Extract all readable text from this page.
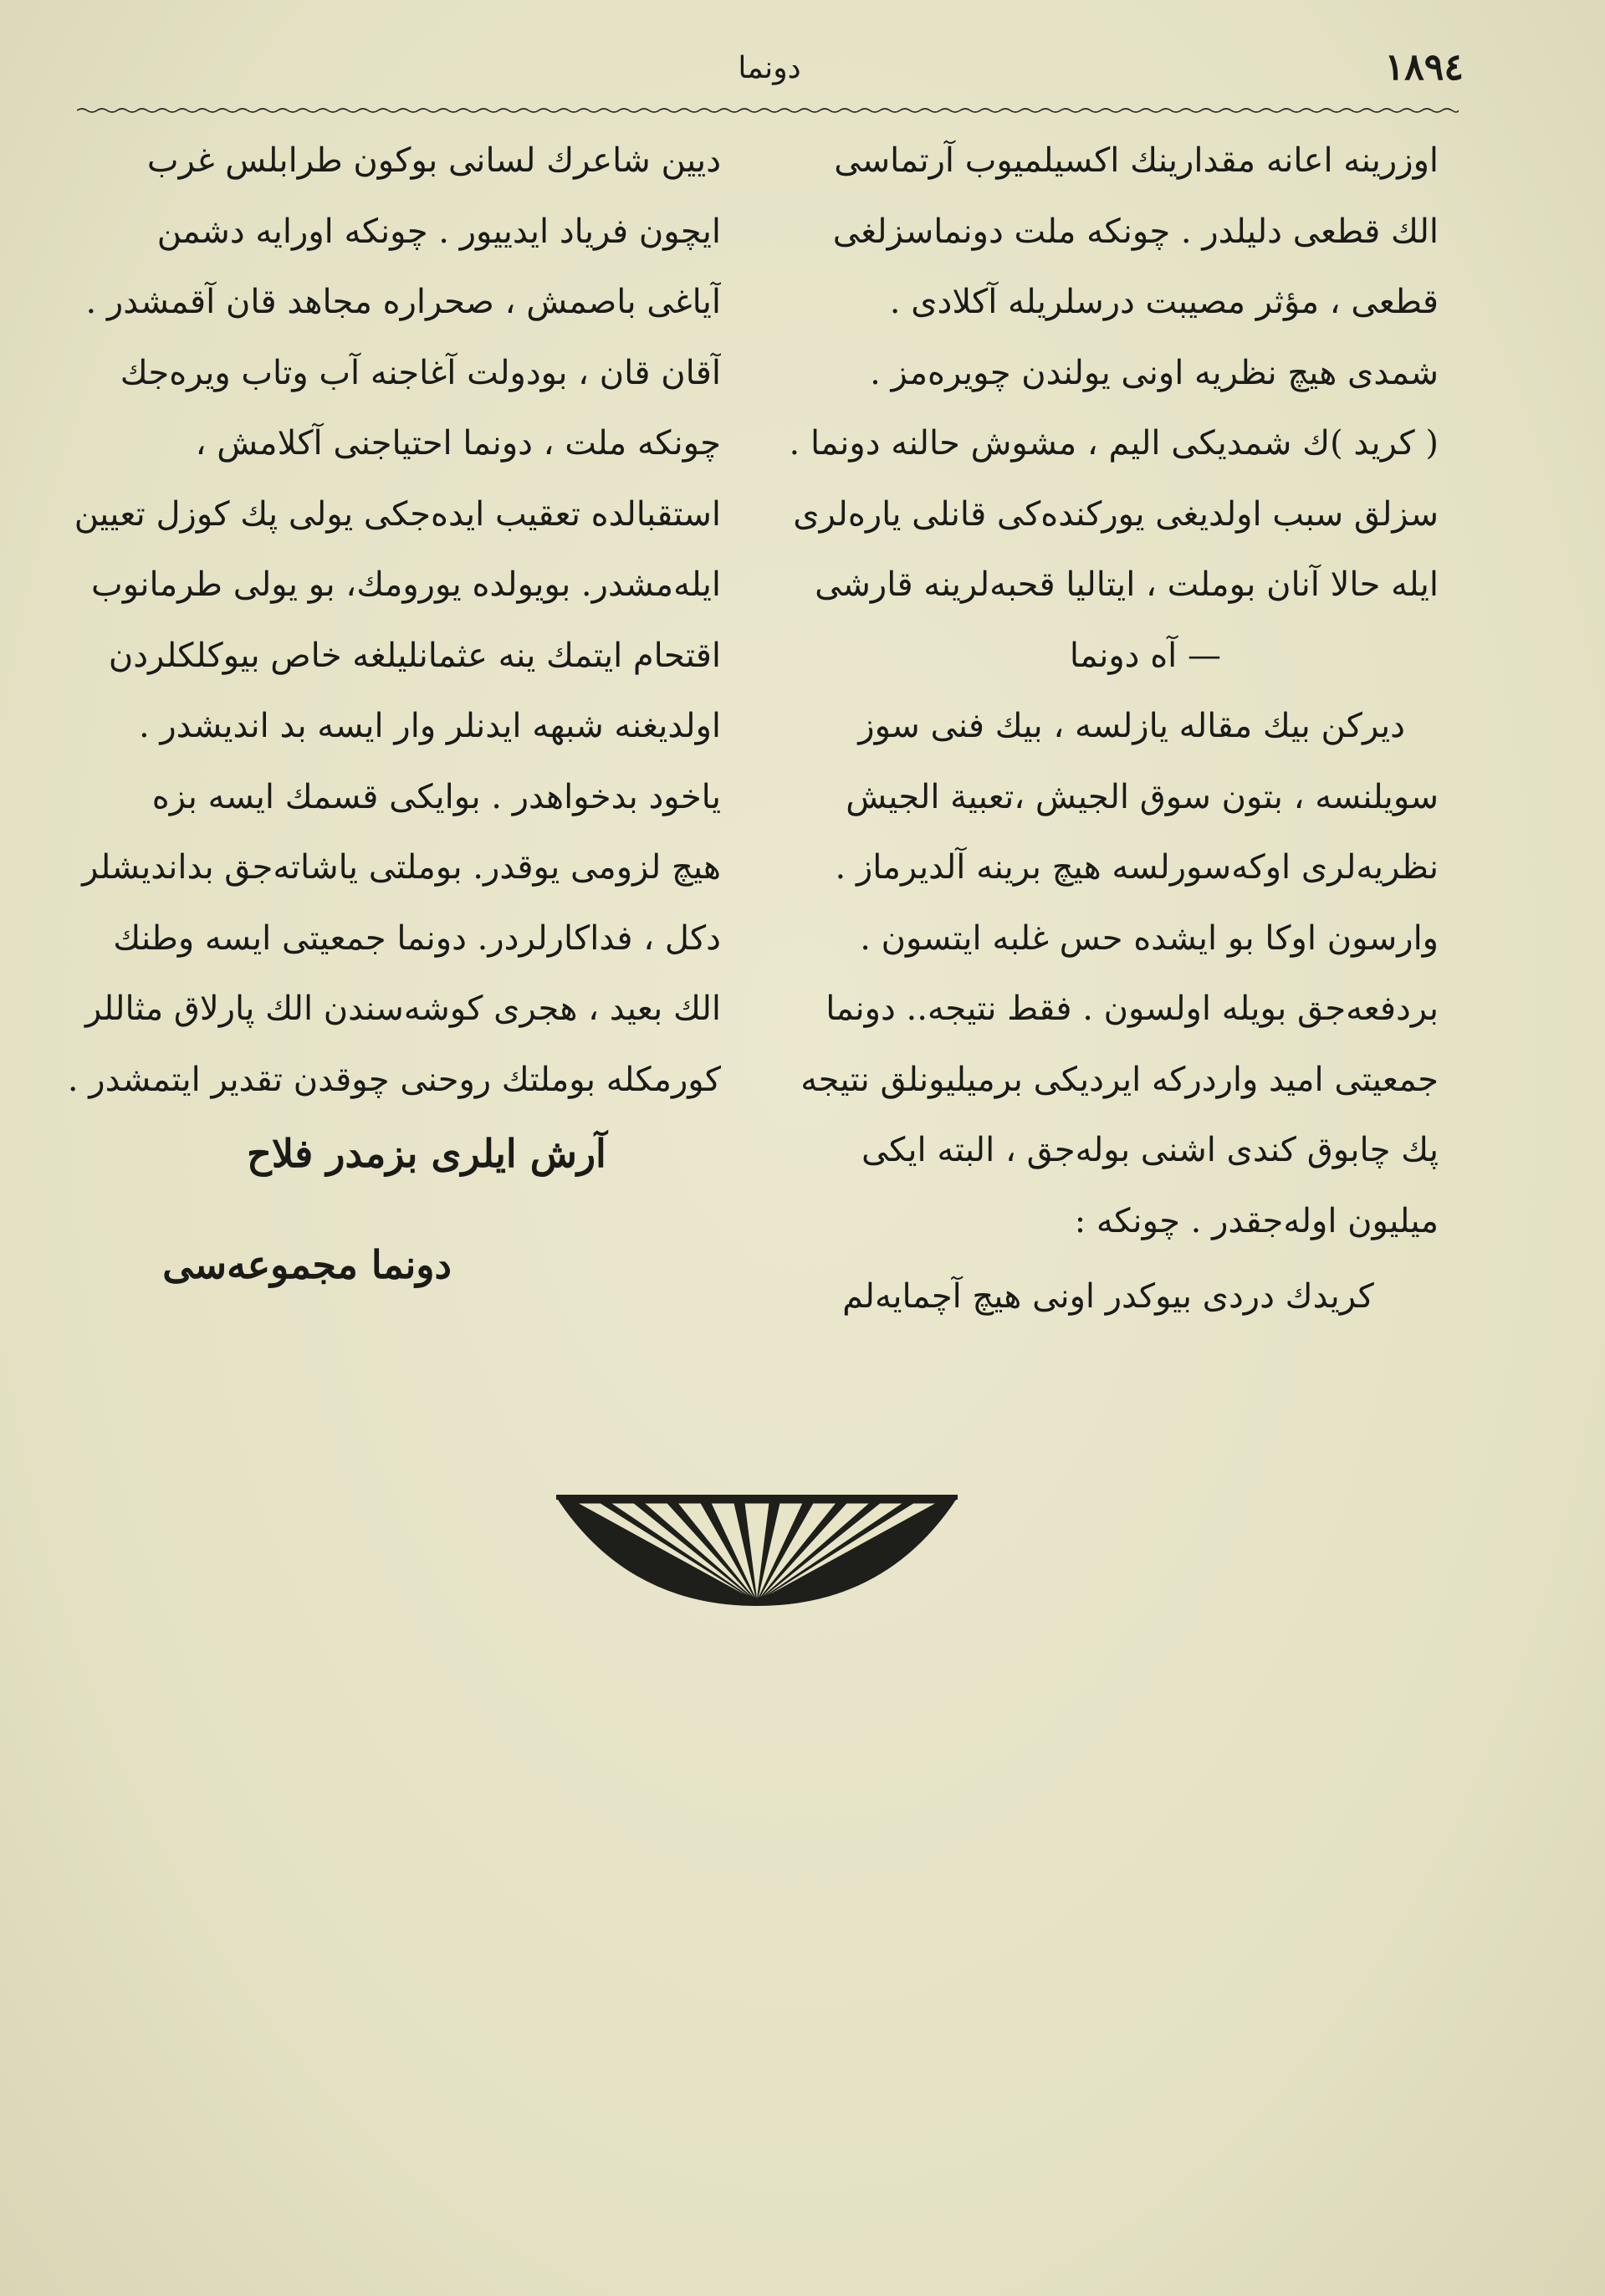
١٨٩٤
دونما
اوزرینه اعانه مقدارینك اکسیلمیوب آرتماسی
الك قطعی دلیلدر . چونکه ملت دونماسزلغی
قطعی ، مؤثر مصیبت درسلریله آکلادی .
شمدی هیچ نظریه اونی یولندن چویره‌مز .
( کرید )ك شمدیکی الیم ، مشوش حالنه دونما .
سزلق سبب اولدیغی یورکنده‌کی قانلی یاره‌لری
ایله حالا آنان بوملت ، ایتالیا قحبه‌لرینه قارشی
— آه دونما
دیرکن بیك مقاله یازلسه ، بیك فنی سوز
سویلنسه ، بتون سوق الجیش ،تعبیة الجیش
نظریه‌لری اوکه‌سورلسه هیچ برینه آلدیرماز .
وارسون اوکا بو ایشده حس غلبه ایتسون .
بردفعه‌جق بویله اولسون . فقط نتیجه.. دونما
جمعیتی امید واردرکه ایردیکی برمیلیونلق نتیجه
پك چابوق کندی اشنی بوله‌جق ، البته ایکی
میلیون اوله‌جقدر . چونکه :
کریدك دردی بیوکدر اونی هیچ آچمایه‌لم
دیین شاعرك لسانی بوکون طرابلس غرب
ایچون فریاد ایدییور . چونکه اورایه دشمن
آیاغی باصمش ، صحراره مجاهد قان آقمشدر .
آقان قان ، بودولت آغاجنه آب وتاب ویره‌جك
چونکه ملت ، دونما احتیاجنی آکلامش ،
استقبالده تعقیب ایده‌جکی یولی پك کوزل تعیین
ایله‌مشدر. بویولده یورومك، بو یولی طرمانوب
اقتحام ایتمك ینه عثمانلیلغه خاص بیوکلکلردن
اولدیغنه شبهه ایدنلر وار ایسه بد اندیشدر .
یاخود بدخواهدر . بوایکی قسمك ایسه بزه
هیچ لزومی یوقدر. بوملتی یاشاته‌جق بداندیشلر
دکل ، فداکارلردر. دونما جمعیتی ایسه وطنك
الك بعید ، هجری کوشه‌سندن الك پارلاق مثاللر
کورمکله بوملتك روحنی چوقدن تقدیر ایتمشدر .
آرش ایلری بزمدر فلاح
دونما مجموعه‌سی
